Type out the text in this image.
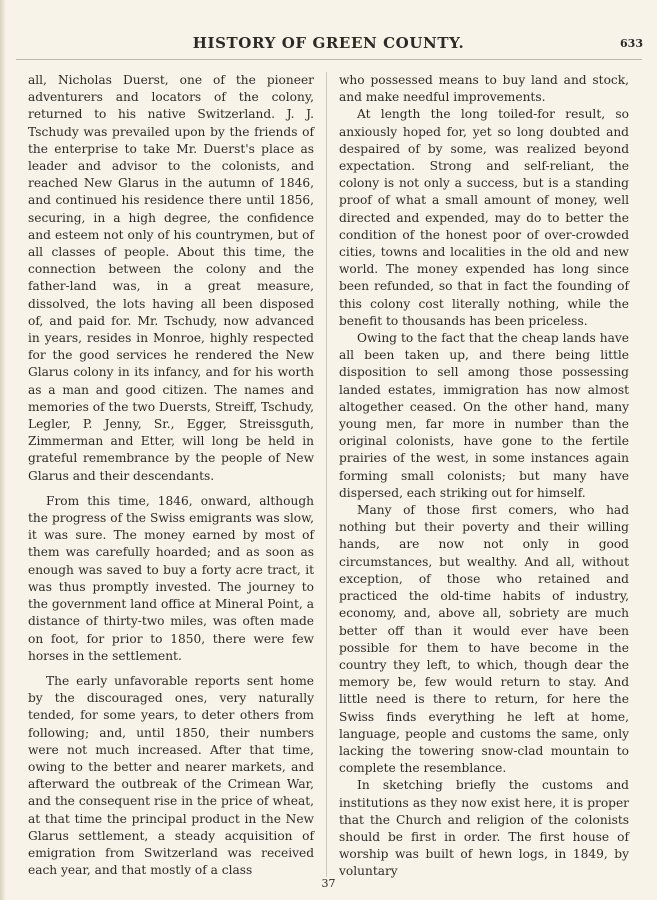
HISTORY OF GREEN COUNTY.	633

all, Nicholas Duerst, one of the pioneer adventurers and locators of the colony, returned to his native Switzerland. J. J. Tschudy was prevailed upon by the friends of the enterprise to take Mr. Duerst's place as leader and advisor to the colonists, and reached New Glarus in the autumn of 1846, and continued his residence there until 1856, securing, in a high degree, the confidence and esteem not only of his countrymen, but of all classes of people. About this time, the connection between the colony and the father-land was, in a great measure, dissolved, the lots having all been disposed of, and paid for. Mr. Tschudy, now advanced in years, resides in Monroe, highly respected for the good services he rendered the New Glarus colony in its infancy, and for his worth as a man and good citizen. The names and memories of the two Duersts, Streiff, Tschudy, Legler, P. Jenny, Sr., Egger, Streissguth, Zimmerman and Etter, will long be held in grateful remembrance by the people of New Glarus and their descendants.

From this time, 1846, onward, although the progress of the Swiss emigrants was slow, it was sure. The money earned by most of them was carefully hoarded; and as soon as enough was saved to buy a forty acre tract, it was thus promptly invested. The journey to the government land office at Mineral Point, a distance of thirty-two miles, was often made on foot, for prior to 1850, there were few horses in the settlement.

The early unfavorable reports sent home by the discouraged ones, very naturally tended, for some years, to deter others from following; and, until 1850, their numbers were not much increased. After that time, owing to the better and nearer markets, and afterward the outbreak of the Crimean War, and the consequent rise in the price of wheat, at that time the principal product in the New Glarus settlement, a steady acquisition of emigration from Switzerland was received each year, and that mostly of a class

who possessed means to buy land and stock, and make needful improvements.

At length the long toiled-for result, so anxiously hoped for, yet so long doubted and despaired of by some, was realized beyond expectation. Strong and self-reliant, the colony is not only a success, but is a standing proof of what a small amount of money, well directed and expended, may do to better the condition of the honest poor of over-crowded cities, towns and localities in the old and new world. The money expended has long since been refunded, so that in fact the founding of this colony cost literally nothing, while the benefit to thousands has been priceless.

Owing to the fact that the cheap lands have all been taken up, and there being little disposition to sell among those possessing landed estates, immigration has now almost altogether ceased. On the other hand, many young men, far more in number than the original colonists, have gone to the fertile prairies of the west, in some instances again forming small colonists; but many have dispersed, each striking out for himself.

Many of those first comers, who had nothing but their poverty and their willing hands, are now not only in good circumstances, but wealthy. And all, without exception, of those who retained and practiced the old-time habits of industry, economy, and, above all, sobriety are much better off than it would ever have been possible for them to have become in the country they left, to which, though dear the memory be, few would return to stay. And little need is there to return, for here the Swiss finds everything he left at home, language, people and customs the same, only lacking the towering snow-clad mountain to complete the resemblance.

In sketching briefly the customs and institutions as they now exist here, it is proper that the Church and religion of the colonists should be first in order. The first house of worship was built of hewn logs, in 1849, by voluntary

37
